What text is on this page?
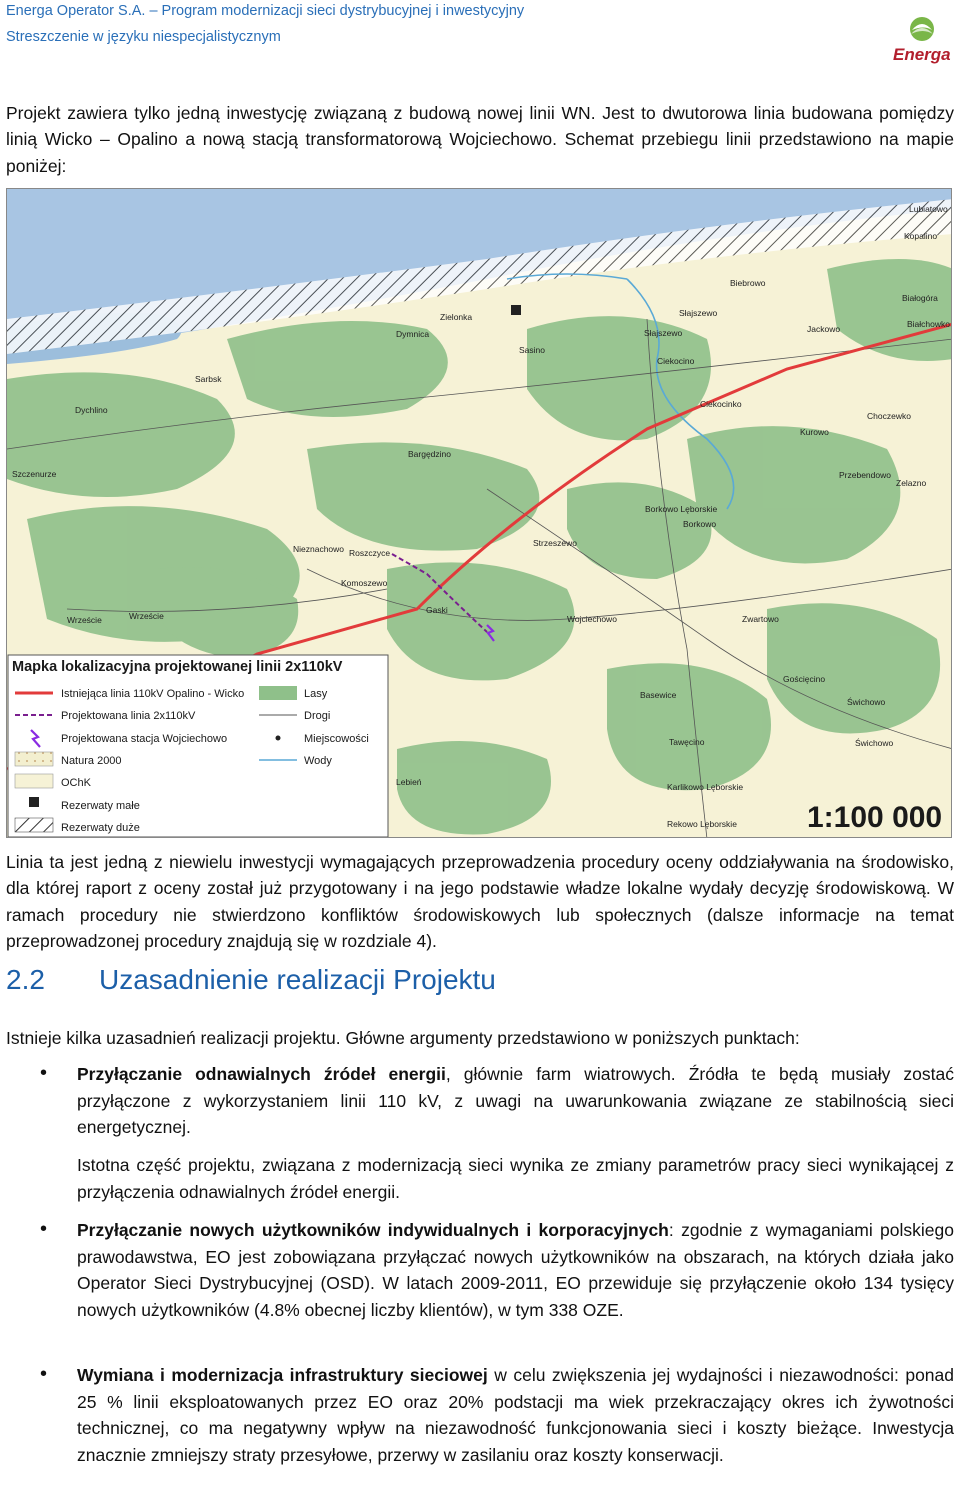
Energa Operator S.A. – Program modernizacji sieci dystrybucyjnej i inwestycyjny
Streszczenie w języku niespecjalistycznym
Energa

Projekt zawiera tylko jedną inwestycję związaną z budową nowej linii WN. Jest to dwutorowa linia budowana pomiędzy linią Wicko – Opalino a nową stacją transformatorową Wojciechowo. Schemat przebiegu linii przedstawiono na mapie poniżej:

Lubiatowo
Kopalino
Biebrowo
Zielonka	Słajszewo
Białogóra
Dymnica	Słajszewo	Jackowo	Białchowko
Sasino
Ciekocino
Sarbsk
Dychlino
Ciekocinko
Choczewko
Kurowo
Bargędzino
Przebendowo
Zelazno
Szczenurze
Borkowo Lęborskie
Borkowo
Strzeszewo
Nieznachowo Roszczyce
Komoszewo
Wrzeście	Wrzeście
Gaski
Wojciechowo	Zwartowo
Gościęcino
Basewice
Świchowo
Tawęcino	Świchowo
Lebień	Karlikowo Lęborskie
Rekowo Lęborskie
Mapka lokalizacyjna projektowanej linii 2x110kV
Istniejąca linia 110kV Opalino - Wicko
Projektowana linia 2x110kV
Projektowana stacja Wojciechowo
Natura 2000
OChK
Rezerwaty małe
Rezerwaty duże
Lasy
Drogi
Miejscowości
Wody
1:100 000

Linia ta jest jedną z niewielu inwestycji wymagających przeprowadzenia procedury oceny oddziaływania na środowisko, dla której raport z oceny został już przygotowany i na jego podstawie władze lokalne wydały decyzję środowiskową. W ramach procedury nie stwierdzono konfliktów środowiskowych lub społecznych (dalsze informacje na temat przeprowadzonej procedury znajdują się w rozdziale 4).

2.2 Uzasadnienie realizacji Projektu

Istnieje kilka uzasadnień realizacji projektu. Główne argumenty przedstawiono w poniższych punktach:

• Przyłączanie odnawialnych źródeł energii, głównie farm wiatrowych. Źródła te będą musiały zostać przyłączone z wykorzystaniem linii 110 kV, z uwagi na uwarunkowania związane ze stabilnością sieci energetycznej.

Istotna część projektu, związana z modernizacją sieci wynika ze zmiany parametrów pracy sieci wynikającej z przyłączenia odnawialnych źródeł energii.

• Przyłączanie nowych użytkowników indywidualnych i korporacyjnych: zgodnie z wymaganiami polskiego prawodawstwa, EO jest zobowiązana przyłączać nowych użytkowników na obszarach, na których działa jako Operator Sieci Dystrybucyjnej (OSD). W latach 2009-2011, EO przewiduje się przyłączenie około 134 tysięcy nowych użytkowników (4.8% obecnej liczby klientów), w tym 338 OZE.

• Wymiana i modernizacja infrastruktury sieciowej w celu zwiększenia jej wydajności i niezawodności: ponad 25 % linii eksploatowanych przez EO oraz 20% podstacji ma wiek przekraczający okres ich żywotności technicznej, co ma negatywny wpływ na niezawodność funkcjonowania sieci i koszty bieżące. Inwestycja znacznie zmniejszy straty przesyłowe, przerwy w zasilaniu oraz koszty konserwacji.
